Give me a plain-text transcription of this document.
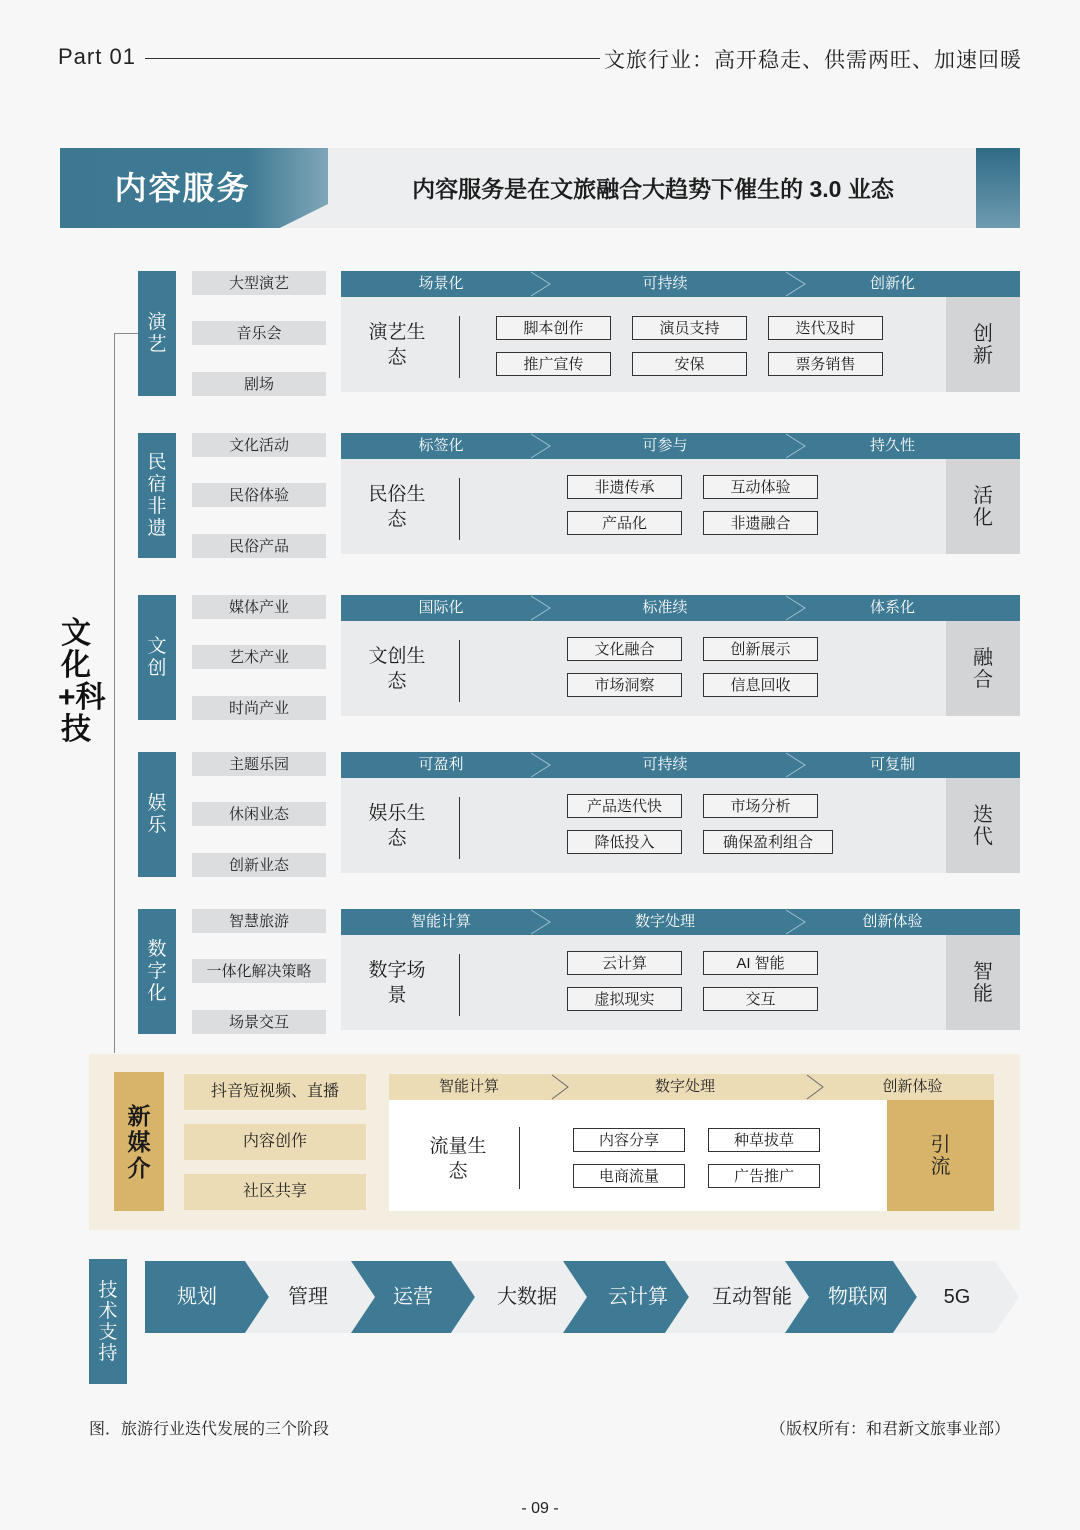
Part 01	文旅行业：高开稳走、供需两旺、加速回暖
内容服务	内容服务是在文旅融合大趋势下催生的 3.0 业态
文化+科技
演艺
大型演艺
音乐会
剧场
场景化	可持续	创新化
演艺生态
脚本创作	演员支持	迭代及时
推广宣传	安保	票务销售
创新
民宿非遗
文化活动
民俗体验
民俗产品
标签化	可参与	持久性
民俗生态
非遗传承	互动体验
产品化	非遗融合
活化
文创
媒体产业
艺术产业
时尚产业
国际化	标准续	体系化
文创生态
文化融合	创新展示
市场洞察	信息回收
融合
娱乐
主题乐园
休闲业态
创新业态
可盈利	可持续	可复制
娱乐生态
产品迭代快	市场分析
降低投入	确保盈利组合
迭代
数字化
智慧旅游
一体化解决策略
场景交互
智能计算	数字处理	创新体验
数字场景
云计算	AI 智能
虚拟现实	交互
智能
新媒介
抖音短视频、直播
内容创作
社区共享
智能计算	数字处理	创新体验
流量生态
内容分享	种草拔草
电商流量	广告推广
引流
技术支持
规划	管理	运营	大数据	云计算	互动智能	物联网	5G
图．旅游行业迭代发展的三个阶段	（版权所有：和君新文旅事业部）
- 09 -
